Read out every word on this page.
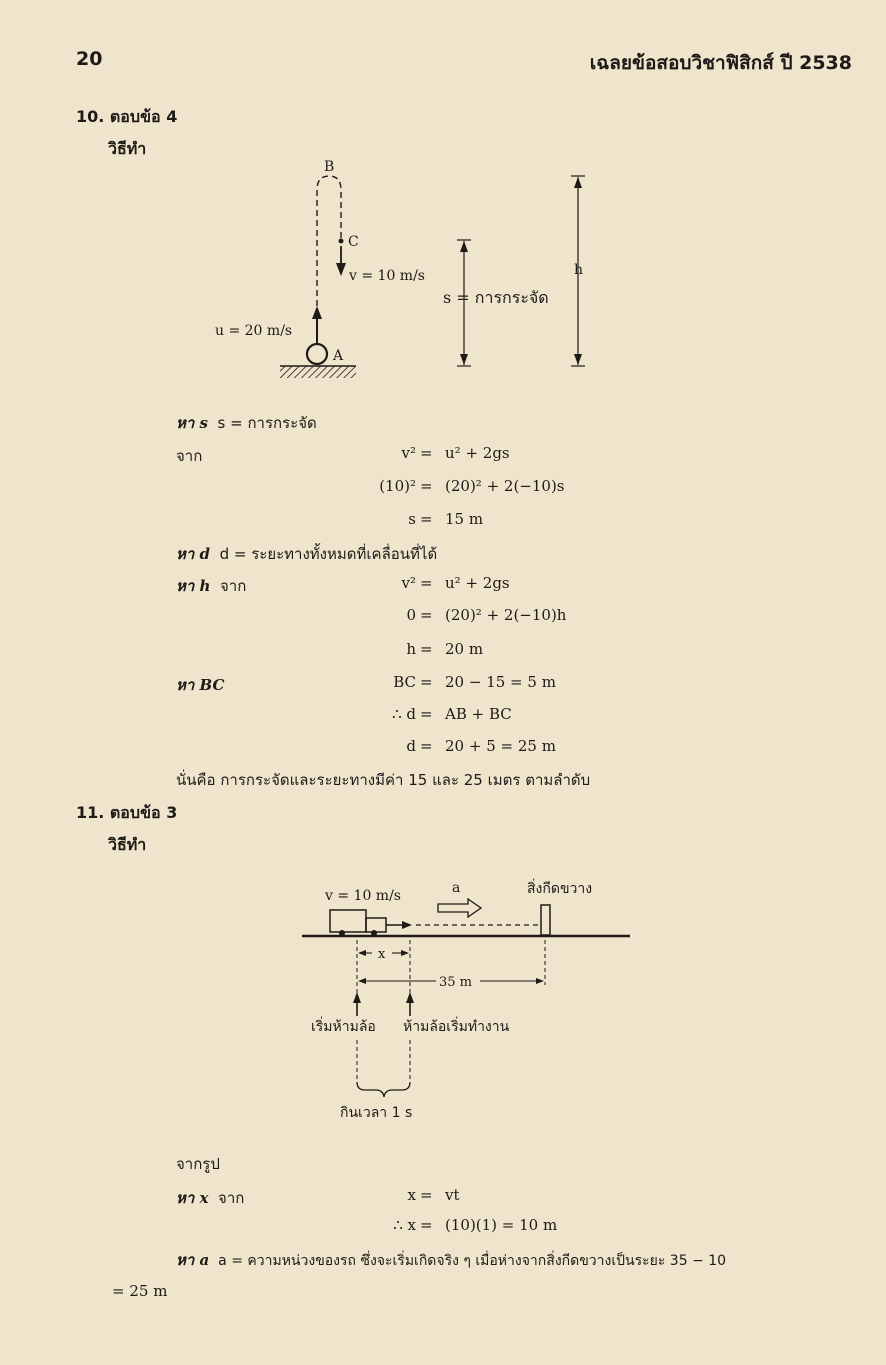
20	เฉลยข้อสอบวิชาฟิสิกส์ ปี 2538
10. ตอบข้อ 4
วิธีทำ
B
C
A
v = 10 m/s
u = 20 m/s
s = การกระจัด
h
หา s s = การกระจัด
จาก	v² = u² + 2gs
(10)² = (20)² + 2(−10)s
s = 15 m
หา d d = ระยะทางทั้งหมดที่เคลื่อนที่ได้
หา h จาก	v² = u² + 2gs
0 = (20)² + 2(−10)h
h = 20 m
หา BC	BC = 20 − 15 = 5 m
∴ d = AB + BC
d = 20 + 5 = 25 m
นั่นคือ การกระจัดและระยะทางมีค่า 15 และ 25 เมตร ตามลำดับ
11. ตอบข้อ 3
วิธีทำ
v = 10 m/s	a	สิ่งกีดขวาง
x
35 m
เริ่มห้ามล้อ ห้ามล้อเริ่มทำงาน
กินเวลา 1 s
จากรูป
หา x จาก	x = vt
∴ x = (10)(1) = 10 m
หา a a = ความหน่วงของรถ ซึ่งจะเริ่มเกิดจริง ๆ เมื่อห่างจากสิ่งกีดขวางเป็นระยะ 35 − 10
= 25 m
